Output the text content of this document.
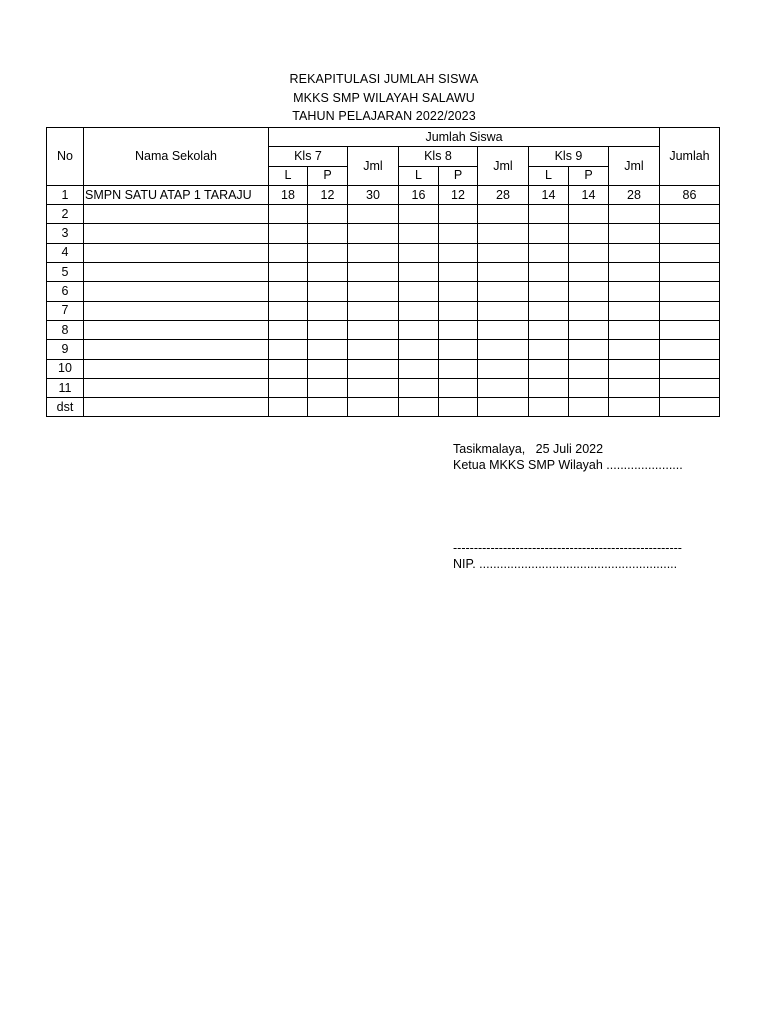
REKAPITULASI JUMLAH SISWA
MKKS SMP WILAYAH SALAWU
TAHUN PELAJARAN 2022/2023
No	Nama Sekolah	Jumlah Siswa									Jumlah
		Kls 7		Jml	Kls 8		Jml	Kls 9		Jml	
		L	P		L	P		L	P		
1	SMPN SATU ATAP 1 TARAJU	18	12	30	16	12	28	14	14	28	86
2											
3											
4											
5											
6											
7											
8											
9											
10											
11											
dst											
Tasikmalaya,   25 Juli 2022
Ketua MKKS SMP Wilayah ......................
-------------------------------------------------------
NIP. .........................................................
